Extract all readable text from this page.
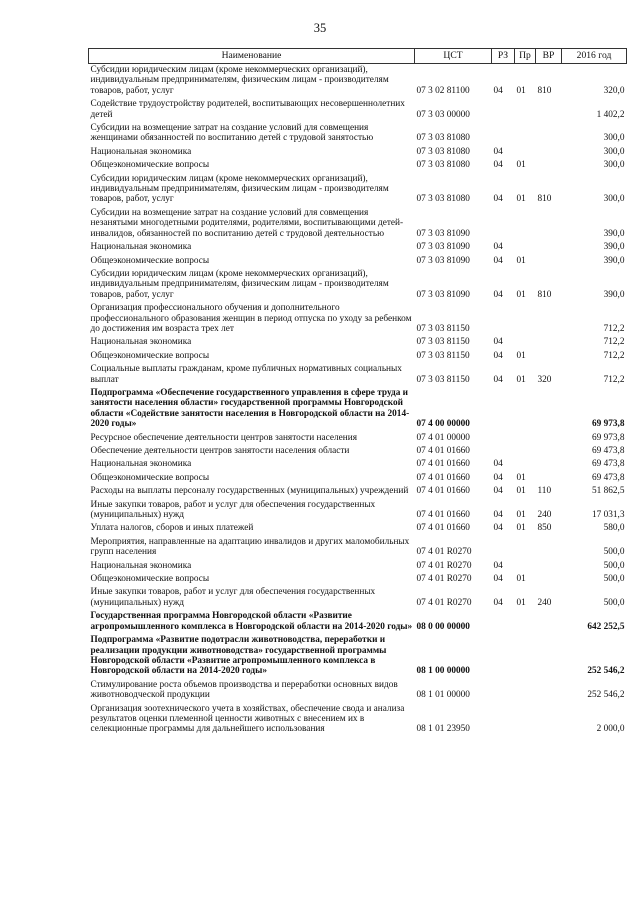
35
Наименование	ЦСТ	РЗ	Пр	ВР	2016 год
Субсидии юридическим лицам (кроме некоммерческих организаций), индивидуальным предпринимателям, физическим лицам - производителям товаров, работ, услуг	07 3 02 81100	04	01	810	320,0
Содействие трудоустройству родителей, воспитывающих несовершеннолетних детей	07 3 03 00000				1 402,2
Субсидии на возмещение затрат на создание условий для совмещения женщинами обязанностей по воспитанию детей с трудовой занятостью	07 3 03 81080				300,0
Национальная экономика	07 3 03 81080	04			300,0
Общеэкономические вопросы	07 3 03 81080	04	01		300,0
Субсидии юридическим лицам (кроме некоммерческих организаций), индивидуальным предпринимателям, физическим лицам - производителям товаров, работ, услуг	07 3 03 81080	04	01	810	300,0
Субсидии на возмещение затрат на создание условий для совмещения незанятыми многодетными родителями, родителями, воспитывающими детей-инвалидов, обязанностей по воспитанию детей с трудовой деятельностью	07 3 03 81090				390,0
Национальная экономика	07 3 03 81090	04			390,0
Общеэкономические вопросы	07 3 03 81090	04	01		390,0
Субсидии юридическим лицам (кроме некоммерческих организаций), индивидуальным предпринимателям, физическим лицам - производителям товаров, работ, услуг	07 3 03 81090	04	01	810	390,0
Организация профессионального обучения и дополнительного профессионального образования женщин в период отпуска по уходу за ребенком до достижения им возраста трех лет	07 3 03 81150				712,2
Национальная экономика	07 3 03 81150	04			712,2
Общеэкономические вопросы	07 3 03 81150	04	01		712,2
Социальные выплаты гражданам, кроме публичных нормативных социальных выплат	07 3 03 81150	04	01	320	712,2
Подпрограмма «Обеспечение государственного управления в сфере труда и занятости населения области» государственной программы Новгородской области «Содействие занятости населения в Новгородской области на 2014-2020 годы»	07 4 00 00000				69 973,8
Ресурсное обеспечение деятельности центров занятости населения	07 4 01 00000				69 973,8
Обеспечение деятельности центров занятости населения области	07 4 01 01660				69 473,8
Национальная экономика	07 4 01 01660	04			69 473,8
Общеэкономические вопросы	07 4 01 01660	04	01		69 473,8
Расходы на выплаты персоналу государственных (муниципальных) учреждений	07 4 01 01660	04	01	110	51 862,5
Иные закупки товаров, работ и услуг для обеспечения государственных (муниципальных) нужд	07 4 01 01660	04	01	240	17 031,3
Уплата налогов, сборов и иных платежей	07 4 01 01660	04	01	850	580,0
Мероприятия, направленные на адаптацию инвалидов и других маломобильных групп населения	07 4 01 R0270				500,0
Национальная экономика	07 4 01 R0270	04			500,0
Общеэкономические вопросы	07 4 01 R0270	04	01		500,0
Иные закупки товаров, работ и услуг для обеспечения государственных (муниципальных) нужд	07 4 01 R0270	04	01	240	500,0
Государственная программа Новгородской области «Развитие агропромышленного комплекса в Новгородской области на 2014-2020 годы»	08 0 00 00000				642 252,5
Подпрограмма «Развитие подотрасли животноводства, переработки и реализации продукции животноводства» государственной программы Новгородской области «Развитие агропромышленного комплекса в Новгородской области на 2014-2020 годы»	08 1 00 00000				252 546,2
Стимулирование роста объемов производства и переработки основных видов животноводческой продукции	08 1 01 00000				252 546,2
Организация зоотехнического учета в хозяйствах, обеспечение свода и анализа результатов оценки племенной ценности животных с внесением их в селекционные программы для дальнейшего использования	08 1 01 23950				2 000,0
